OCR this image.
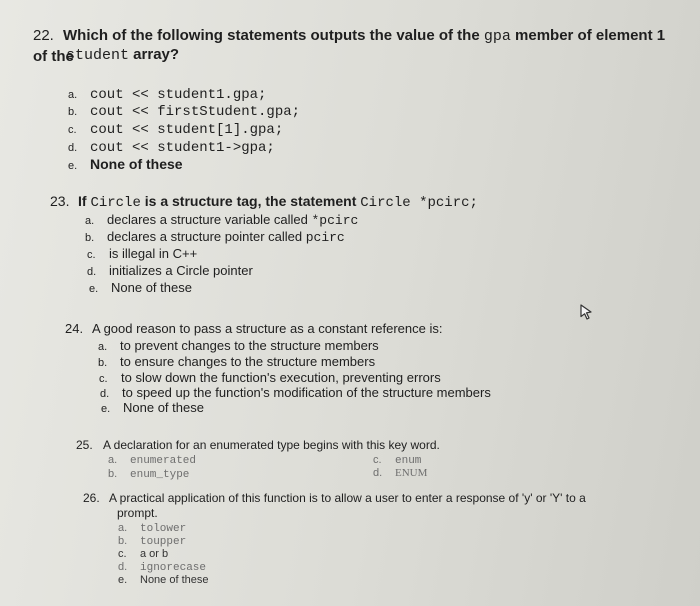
22. Which of the following statements outputs the value of the gpa member of element 1 of the
student array?
a. cout << student1.gpa;
b. cout << firstStudent.gpa;
c. cout << student[1].gpa;
d. cout << student1->gpa;
e. None of these
23. If Circle is a structure tag, the statement Circle *pcirc;
a. declares a structure variable called *pcirc
b. declares a structure pointer called pcirc
c. is illegal in C++
d. initializes a Circle pointer
e. None of these
24. A good reason to pass a structure as a constant reference is:
a. to prevent changes to the structure members
b. to ensure changes to the structure members
c. to slow down the function's execution, preventing errors
d. to speed up the function's modification of the structure members
e. None of these
25. A declaration for an enumerated type begins with this key word.
a. enumerated
b. enum_type
c. enum
d. ENUM
26. A practical application of this function is to allow a user to enter a response of 'y' or 'Y' to a
prompt.
a. tolower
b. toupper
c. a or b
d. ignorecase
e. None of these
